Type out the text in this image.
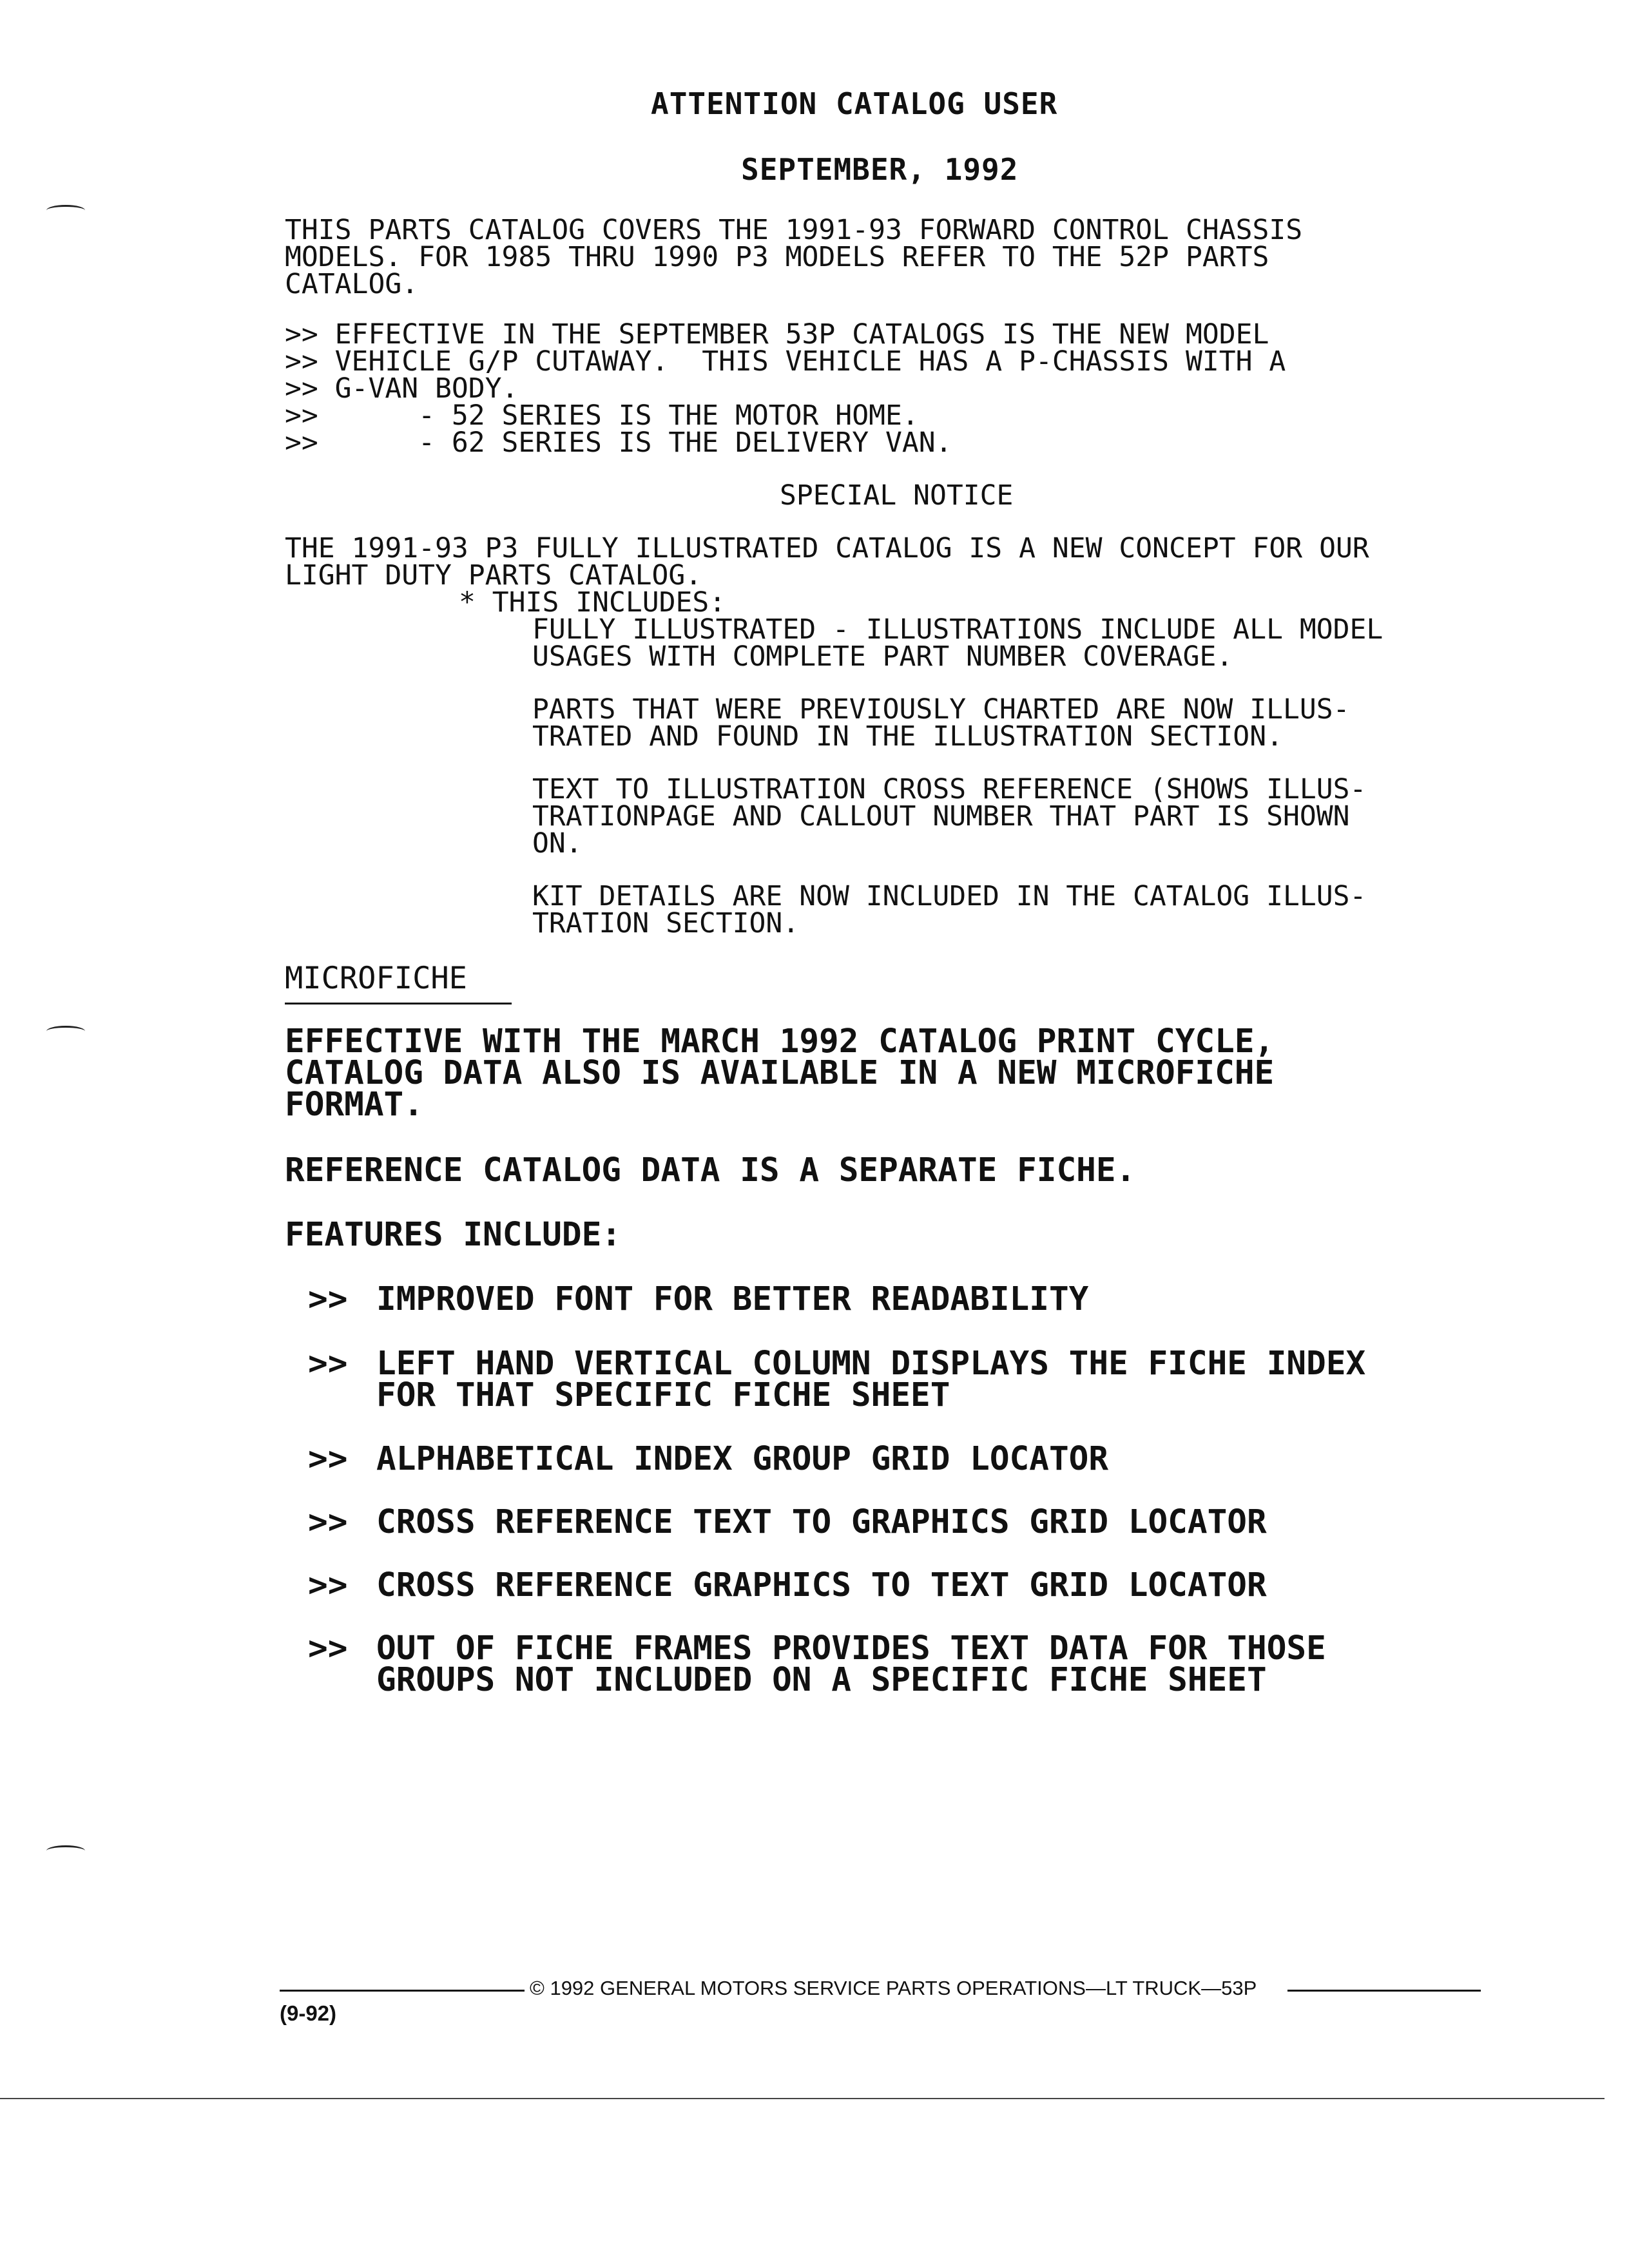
ATTENTION CATALOG USER
SEPTEMBER, 1992
THIS PARTS CATALOG COVERS THE 1991-93 FORWARD CONTROL CHASSIS
MODELS. FOR 1985 THRU 1990 P3 MODELS REFER TO THE 52P PARTS
CATALOG.
>> EFFECTIVE IN THE SEPTEMBER 53P CATALOGS IS THE NEW MODEL
>> VEHICLE G/P CUTAWAY.  THIS VEHICLE HAS A P-CHASSIS WITH A
>> G-VAN BODY.
>>      - 52 SERIES IS THE MOTOR HOME.
>>      - 62 SERIES IS THE DELIVERY VAN.
SPECIAL NOTICE
THE 1991-93 P3 FULLY ILLUSTRATED CATALOG IS A NEW CONCEPT FOR OUR
LIGHT DUTY PARTS CATALOG.
* THIS INCLUDES:
FULLY ILLUSTRATED - ILLUSTRATIONS INCLUDE ALL MODEL
USAGES WITH COMPLETE PART NUMBER COVERAGE.
PARTS THAT WERE PREVIOUSLY CHARTED ARE NOW ILLUS-
TRATED AND FOUND IN THE ILLUSTRATION SECTION.
TEXT TO ILLUSTRATION CROSS REFERENCE (SHOWS ILLUS-
TRATIONPAGE AND CALLOUT NUMBER THAT PART IS SHOWN
ON.
KIT DETAILS ARE NOW INCLUDED IN THE CATALOG ILLUS-
TRATION SECTION.
MICROFICHE
EFFECTIVE WITH THE MARCH 1992 CATALOG PRINT CYCLE,
CATALOG DATA ALSO IS AVAILABLE IN A NEW MICROFICHE
FORMAT.
REFERENCE CATALOG DATA IS A SEPARATE FICHE.
FEATURES INCLUDE:
>> IMPROVED FONT FOR BETTER READABILITY
>> LEFT HAND VERTICAL COLUMN DISPLAYS THE FICHE INDEX
FOR THAT SPECIFIC FICHE SHEET
>> ALPHABETICAL INDEX GROUP GRID LOCATOR
>> CROSS REFERENCE TEXT TO GRAPHICS GRID LOCATOR
>> CROSS REFERENCE GRAPHICS TO TEXT GRID LOCATOR
>> OUT OF FICHE FRAMES PROVIDES TEXT DATA FOR THOSE
GROUPS NOT INCLUDED ON A SPECIFIC FICHE SHEET
© 1992 GENERAL MOTORS SERVICE PARTS OPERATIONS—LT TRUCK—53P
(9-92)
